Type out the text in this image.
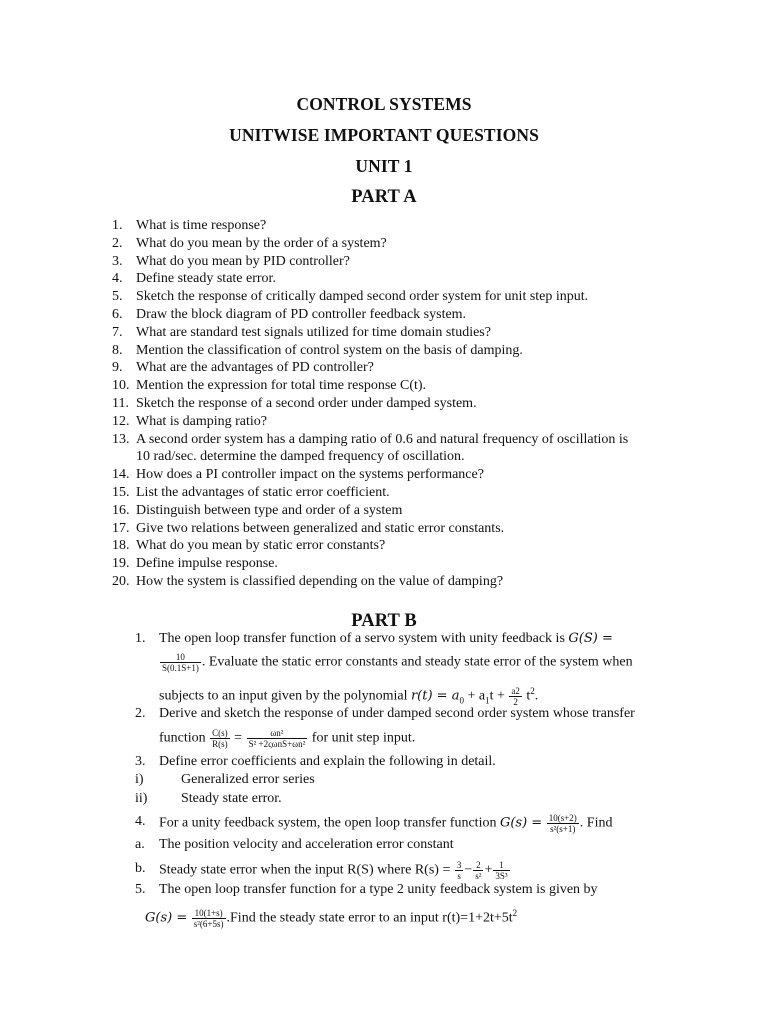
CONTROL SYSTEMS
UNITWISE IMPORTANT QUESTIONS
UNIT 1
PART A
1. What is time response?
2. What do you mean by the order of a system?
3. What do you mean by PID controller?
4. Define steady state error.
5. Sketch the response of critically damped second order system for unit step input.
6. Draw the block diagram of PD controller feedback system.
7. What are standard test signals utilized for time domain studies?
8. Mention the classification of control system on the basis of damping.
9. What are the advantages of PD controller?
10. Mention the expression for total time response C(t).
11. Sketch the response of a second order under damped system.
12. What is damping ratio?
13. A second order system has a damping ratio of 0.6 and natural frequency of oscillation is
10 rad/sec. determine the damped frequency of oscillation.
14. How does a PI controller impact on the systems performance?
15. List the advantages of static error coefficient.
16. Distinguish between type and order of a system
17. Give two relations between generalized and static error constants.
18. What do you mean by static error constants?
19. Define impulse response.
20. How the system is classified depending on the value of damping?
PART B
1. The open loop transfer function of a servo system with unity feedback is G(S) =
$\frac{10}{S(0.1S+1)}$ . Evaluate the static error constants and steady state error of the system when
subjects to an input given by the polynomial $r(t) = a_0 + a_1t + \frac{a2}{2} t^2$.
2. Derive and sketch the response of under damped second order system whose transfer
function $\frac{C(s)}{R(s)} = \frac{\text{ωn²}}{\text{S² +2ςωnS+ωn²}}$ for unit step input.
3. Define error coefficients and explain the following in detail.
i)	Generalized error series
ii) Steady state error.
4. For a unity feedback system, the open loop transfer function $G(s) = \frac{10(s+2)}{\text{s²(s+1)}}$ . Find
a. The position velocity and acceleration error constant
b. Steady state error when the input R(S) where $R(s) = \frac{3}{s} - \frac{2}{\text{s²}} + \frac{1}{\text{3S³}}$
5. The open loop transfer function for a type 2 unity feedback system is given by
$G(s) = \frac{10(1+s)}{\text{s²(6+5s)}}$ .Find the steady state error to an input $r(t)=1+2t+5t^2$
